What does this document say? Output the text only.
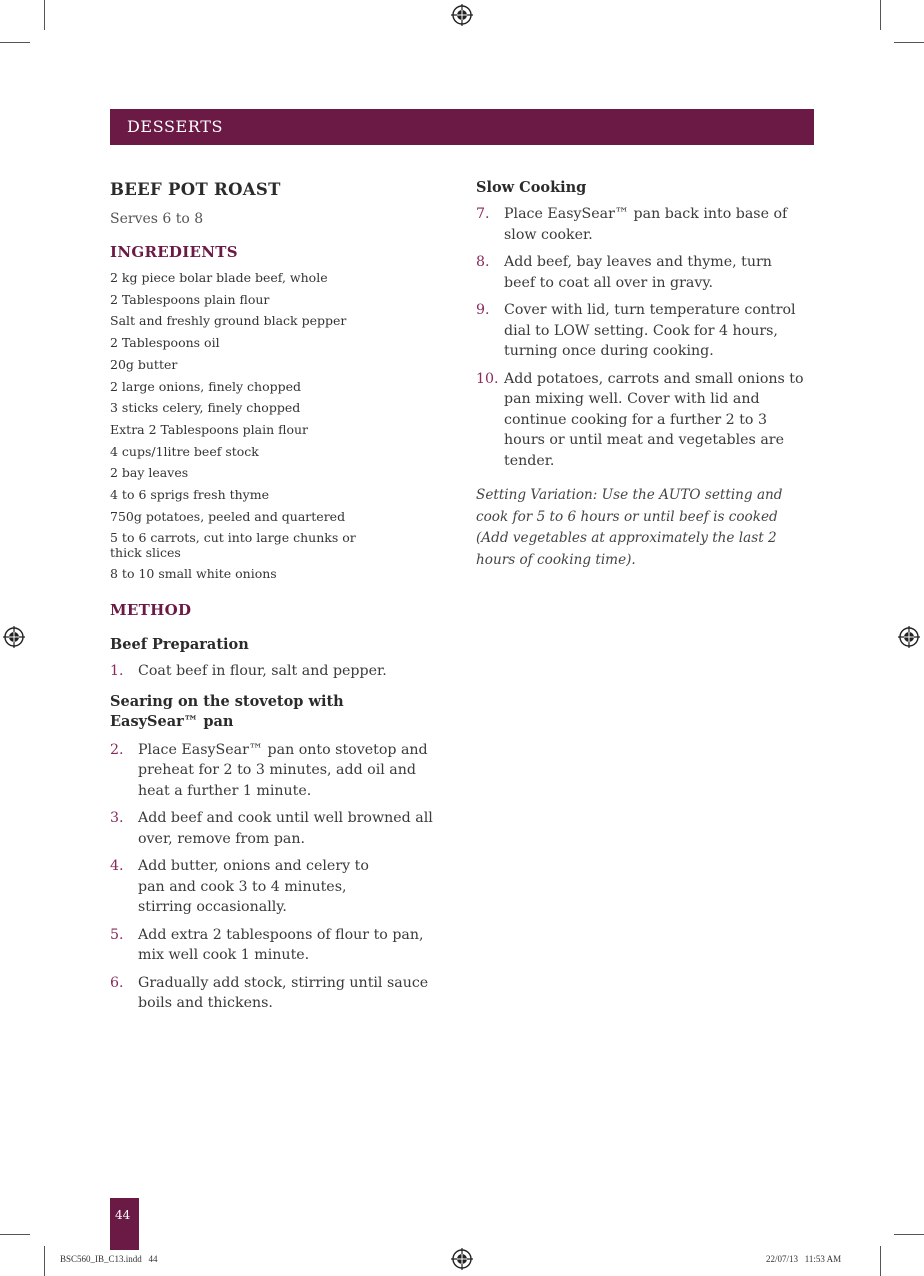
DESSERTS
BEEF POT ROAST

Serves 6 to 8

INGREDIENTS
2 kg piece bolar blade beef, whole
2 Tablespoons plain flour
Salt and freshly ground black pepper
2 Tablespoons oil
20g butter
2 large onions, finely chopped
3 sticks celery, finely chopped
Extra 2 Tablespoons plain flour
4 cups/1litre beef stock
2 bay leaves
4 to 6 sprigs fresh thyme
750g potatoes, peeled and quartered
5 to 6 carrots, cut into large chunks or thick slices
8 to 10 small white onions
METHOD
Beef Preparation
1. Coat beef in flour, salt and pepper.
Searing on the stovetop with EasySear™ pan
2. Place EasySear™ pan onto stovetop and preheat for 2 to 3 minutes, add oil and heat a further 1 minute.
3. Add beef and cook until well browned all over, remove from pan.
4. Add butter, onions and celery to pan and cook 3 to 4 minutes, stirring occasionally.
5. Add extra 2 tablespoons of flour to pan, mix well cook 1 minute.
6. Gradually add stock, stirring until sauce boils and thickens.
Slow Cooking
7. Place EasySear™ pan back into base of slow cooker.
8. Add beef, bay leaves and thyme, turn beef to coat all over in gravy.
9. Cover with lid, turn temperature control dial to LOW setting. Cook for 4 hours, turning once during cooking.
10. Add potatoes, carrots and small onions to pan mixing well. Cover with lid and continue cooking for a further 2 to 3 hours or until meat and vegetables are tender.

Setting Variation: Use the AUTO setting and cook for 5 to 6 hours or until beef is cooked (Add vegetables at approximately the last 2 hours of cooking time).

44
BSC560_IB_C13.indd   44	22/07/13   11:53 AM
